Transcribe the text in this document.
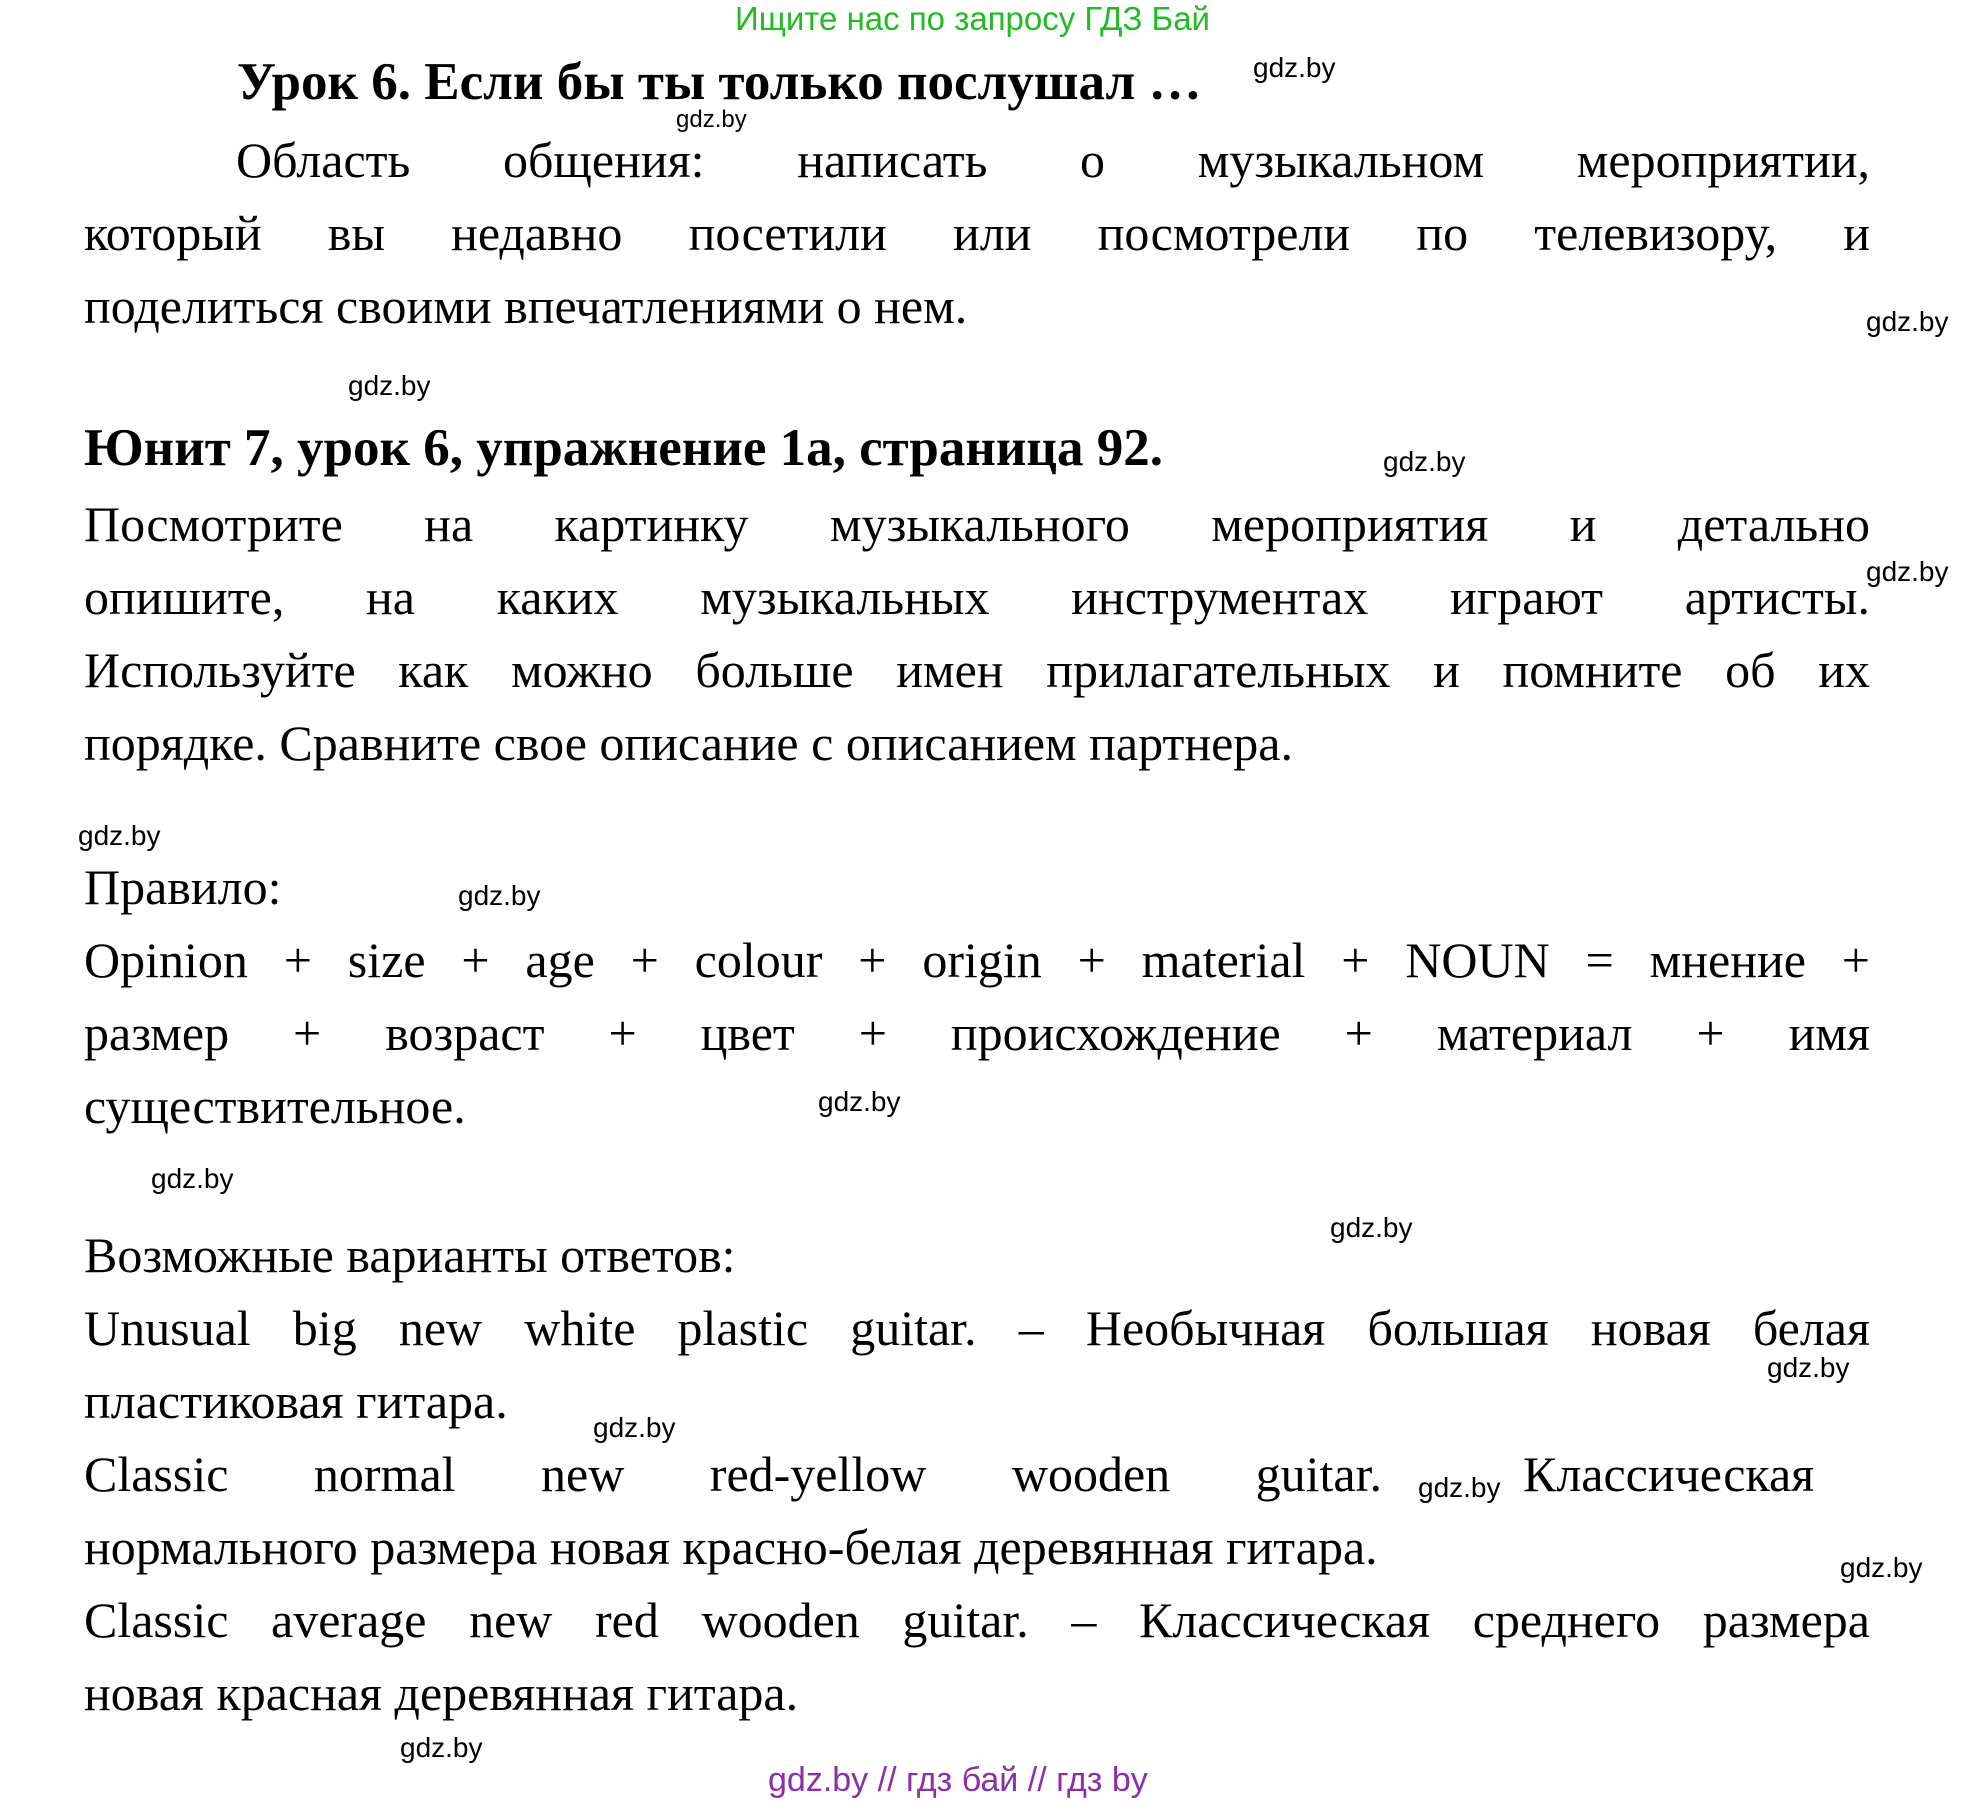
Ищите нас по запросу ГДЗ Бай
Урок 6. Если бы ты только послушал …
Область общения: написать о музыкальном мероприятии,
который вы недавно посетили или посмотрели по телевизору, и
поделиться своими впечатлениями о нем.
Юнит 7, урок 6, упражнение 1а, страница 92.
Посмотрите на картинку музыкального мероприятия и детально
опишите, на каких музыкальных инструментах играют артисты.
Используйте как можно больше имен прилагательных и помните об их
порядке. Сравните свое описание с описанием партнера.
Правило:
Opinion + size + age + colour + origin + material + NOUN = мнение +
размер + возраст + цвет + происхождение + материал + имя
существительное.
Возможные варианты ответов:
Unusual big new white plastic guitar. – Необычная большая новая белая
пластиковая гитара.
Classic normal new red-yellow wooden guitar.	Классическая
нормального размера новая красно-белая деревянная гитара.
Classic average new red wooden guitar. – Классическая среднего размера
новая красная деревянная гитара.
gdz.by
gdz.by
gdz.by
gdz.by
gdz.by
gdz.by
gdz.by
gdz.by
gdz.by
gdz.by
gdz.by
gdz.by
gdz.by
gdz.by
gdz.by
gdz.by
gdz.by // гдз бай // гдз by
